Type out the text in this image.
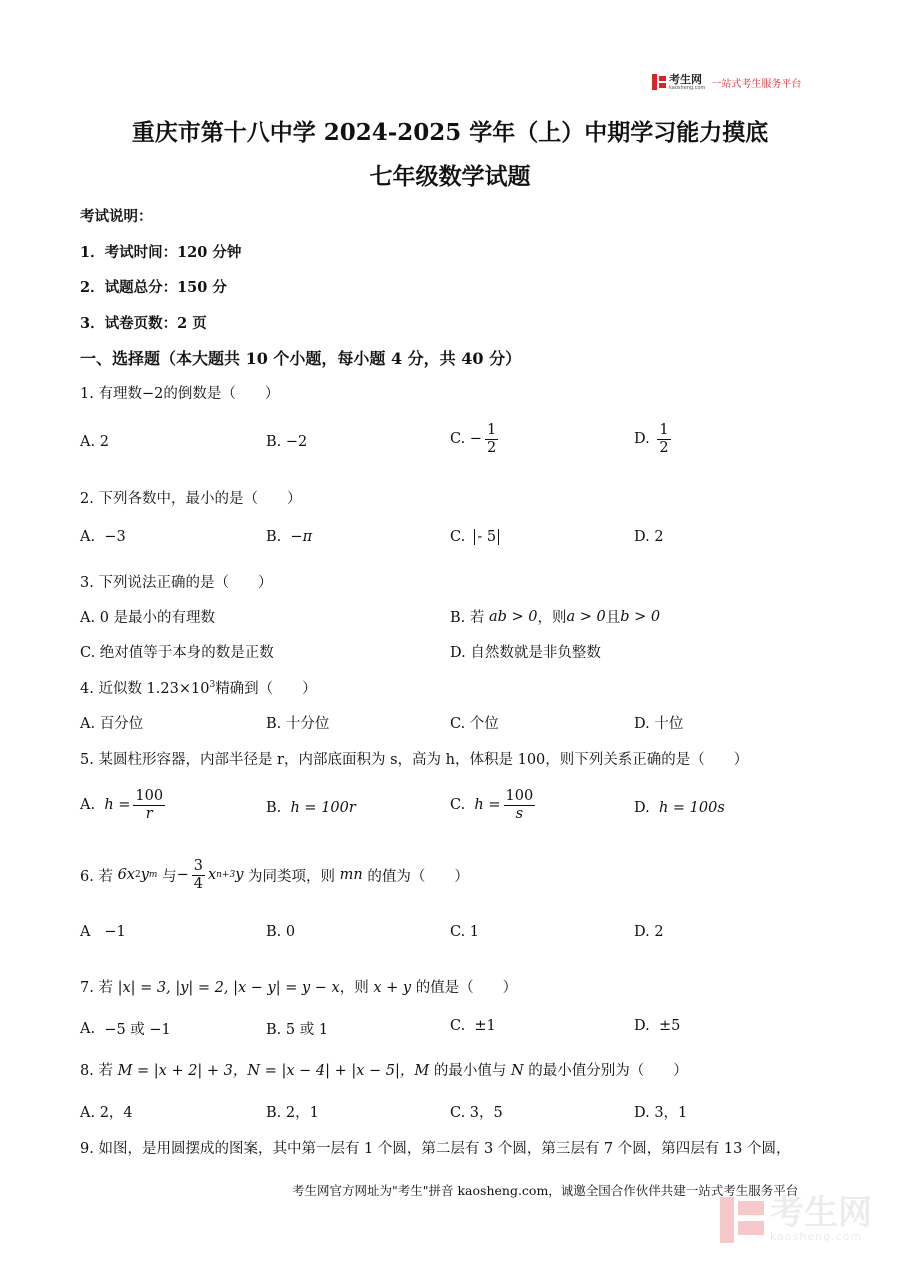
考生网
kaosheng.com 一站式考生服务平台
重庆市第十八中学 2024-2025 学年（上）中期学习能力摸底
七年级数学试题
考试说明：
1．考试时间：120 分钟
2．试题总分：150 分
3．试卷页数：2 页
一、选择题（本大题共 10 个小题，每小题 4 分，共 40 分）
1. 有理数−2的倒数是（　　）
A. 2	B.
−2	C.
− $\frac{1}{2}$	D.
$\frac{1}{2}$
2. 下列各数中，最小的是（　　）
A.
−3	B.
−π	C.
- 5	D. 2
3. 下列说法正确的是（　　）
A. 0 是最小的有理数	B. 若
ab > 0 ，则 a > 0 且 b > 0
C. 绝对值等于本身的数是正数	D. 自然数就是非负整数
4. 近似数 $1.23\times 10^3$精确到（　　）
A. 百分位	B. 十分位	C. 个位	D. 十位
5. 某圆柱形容器，内部半径是 r，内部底面积为 s，高为 h，体积是 100，则下列关系正确的是（　　）
A.
$h = \frac{100}{r}$	B.
h = 100r	C.
$h = \frac{100}{s}$	D.
h = 100s
6. 若
6x 2 y m
与 − $\frac{3}{4}$ x n+3 y
为同类项，则
mn
的值为（　　）
A
−1	B. 0	C. 1	D. 2
7. 若 |x| = 3, |y| = 2, |x − y| = y − x，则 x + y 的值是（　　）
A.
−5 或 −1	B. 5 或 1	C.
±1	D.
±5
8. 若 M = |x + 2| + 3，N = |x − 4| + |x − 5|，M 的最小值与 N 的最小值分别为（　　）
A. 2，4	B. 2，1	C. 3，5	D. 3，1
9. 如图，是用圆摆成的图案，其中第一层有 1 个圆，第二层有 3 个圆，第三层有 7 个圆，第四层有 13 个圆，
考生网官方网址为"考生"拼音 kaosheng.com，诚邀全国合作伙伴共建一站式考生服务平台
考生网
kaosheng.com
